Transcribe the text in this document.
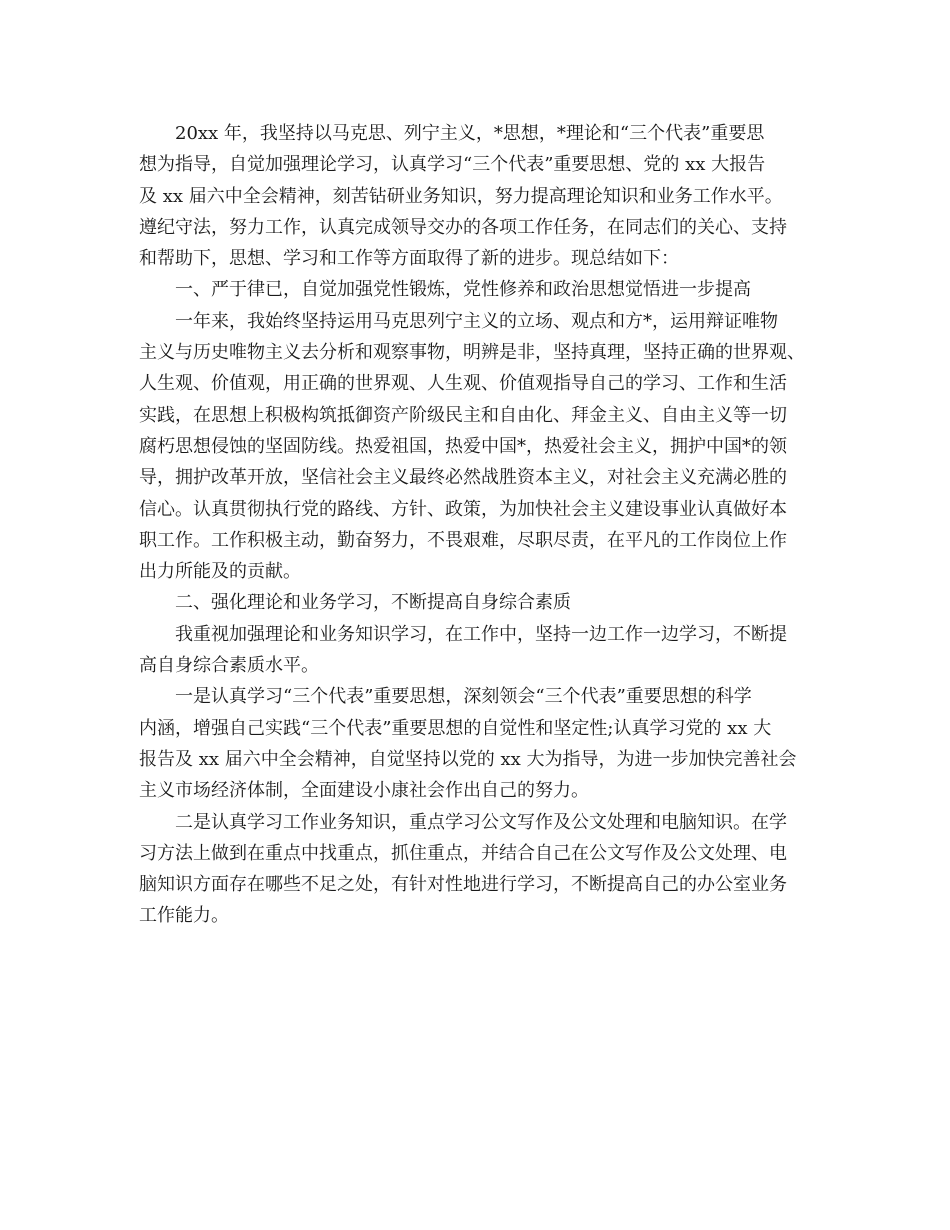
20xx 年，我坚持以马克思、列宁主义，*思想，*理论和“三个代表”重要思
想为指导，自觉加强理论学习，认真学习“三个代表”重要思想、党的 xx 大报告
及 xx 届六中全会精神，刻苦钻研业务知识，努力提高理论知识和业务工作水平。
遵纪守法，努力工作，认真完成领导交办的各项工作任务，在同志们的关心、支持
和帮助下，思想、学习和工作等方面取得了新的进步。现总结如下：
一、严于律已，自觉加强党性锻炼，党性修养和政治思想觉悟进一步提高
一年来，我始终坚持运用马克思列宁主义的立场、观点和方*，运用辩证唯物
主义与历史唯物主义去分析和观察事物，明辨是非，坚持真理，坚持正确的世界观、
人生观、价值观，用正确的世界观、人生观、价值观指导自己的学习、工作和生活
实践，在思想上积极构筑抵御资产阶级民主和自由化、拜金主义、自由主义等一切
腐朽思想侵蚀的坚固防线。热爱祖国，热爱中国*，热爱社会主义，拥护中国*的领
导，拥护改革开放，坚信社会主义最终必然战胜资本主义，对社会主义充满必胜的
信心。认真贯彻执行党的路线、方针、政策，为加快社会主义建设事业认真做好本
职工作。工作积极主动，勤奋努力，不畏艰难，尽职尽责，在平凡的工作岗位上作
出力所能及的贡献。
二、强化理论和业务学习，不断提高自身综合素质
我重视加强理论和业务知识学习，在工作中，坚持一边工作一边学习，不断提
高自身综合素质水平。
一是认真学习“三个代表”重要思想，深刻领会“三个代表”重要思想的科学
内涵，增强自己实践“三个代表”重要思想的自觉性和坚定性;认真学习党的 xx 大
报告及 xx 届六中全会精神，自觉坚持以党的 xx 大为指导，为进一步加快完善社会
主义市场经济体制，全面建设小康社会作出自己的努力。
二是认真学习工作业务知识，重点学习公文写作及公文处理和电脑知识。在学
习方法上做到在重点中找重点，抓住重点，并结合自己在公文写作及公文处理、电
脑知识方面存在哪些不足之处，有针对性地进行学习，不断提高自己的办公室业务
工作能力。
